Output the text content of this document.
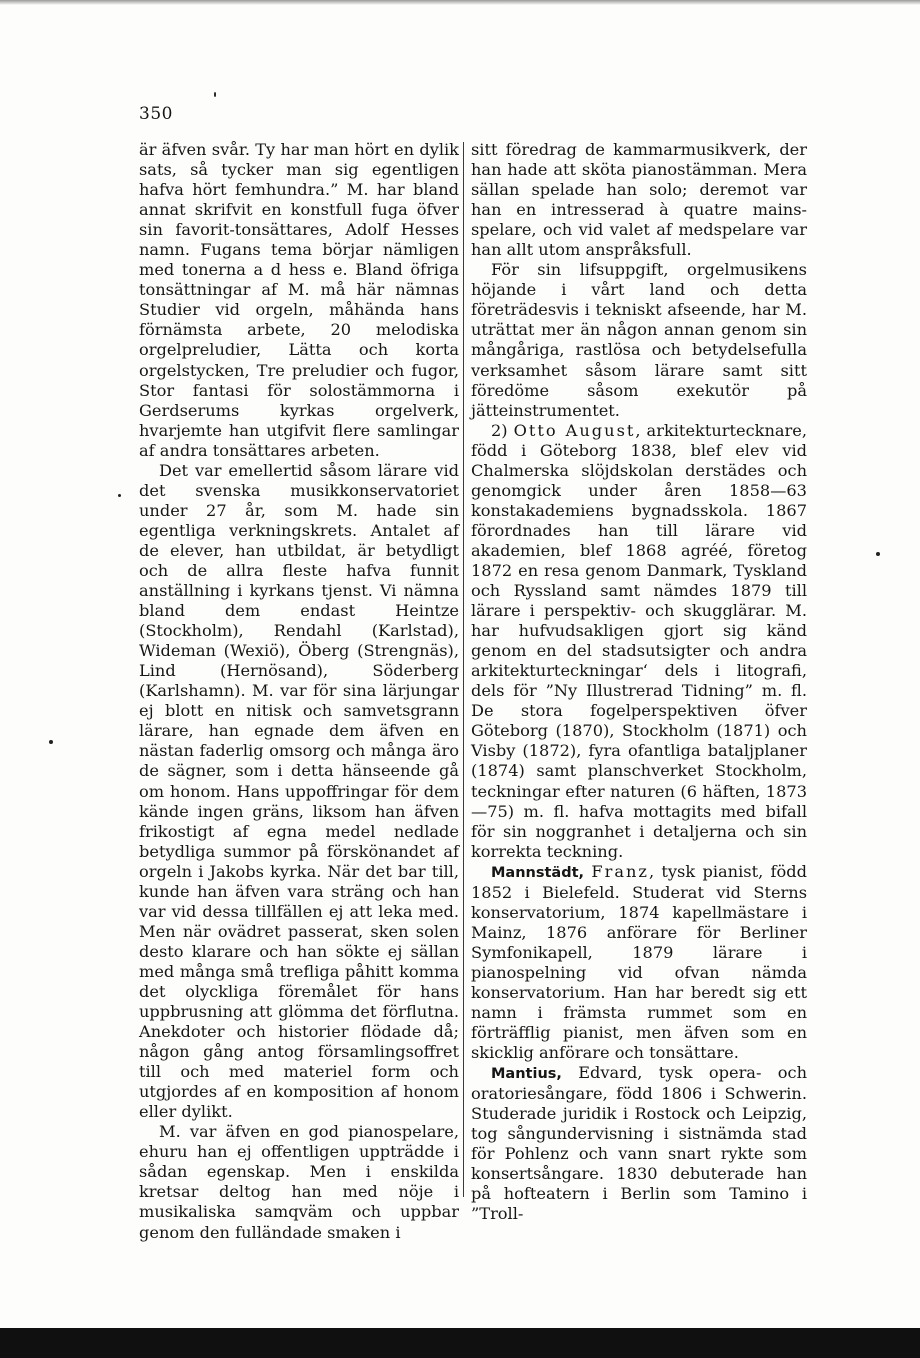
350

är äfven svår. Ty har man hört en dylik sats, så tycker man sig egentligen hafva hört femhundra.” M. har bland annat skrifvit en konstfull fuga öfver sin favorit-tonsättares, Adolf Hesses namn. Fugans tema börjar nämligen med tonerna a d hess e. Bland öfriga tonsättningar af M. må här nämnas Studier vid orgeln, måhända hans förnämsta arbete, 20 melodiska orgelpreludier, Lätta och korta orgelstycken, Tre preludier och fugor, Stor fantasi för solostämmorna i Gerdserums kyrkas orgelverk, hvarjemte han utgifvit flere samlingar af andra tonsättares arbeten.

Det var emellertid såsom lärare vid det svenska musikkonservatoriet under 27 år, som M. hade sin egentliga verkningskrets. Antalet af de elever, han utbildat, är betydligt och de allra fleste hafva funnit anställning i kyrkans tjenst. Vi nämna bland dem endast Heintze (Stockholm), Rendahl (Karlstad), Wideman (Wexiö), Öberg (Strengnäs), Lind (Hernösand), Söderberg (Karlshamn). M. var för sina lärjungar ej blott en nitisk och samvetsgrann lärare, han egnade dem äfven en nästan faderlig omsorg och många äro de sägner, som i detta hänseende gå om honom. Hans uppoffringar för dem kände ingen gräns, liksom han äfven frikostigt af egna medel nedlade betydliga summor på förskönandet af orgeln i Jakobs kyrka. När det bar till, kunde han äfven vara sträng och han var vid dessa tillfällen ej att leka med. Men när ovädret passerat, sken solen desto klarare och han sökte ej sällan med många små trefliga påhitt komma det olyckliga föremålet för hans uppbrusning att glömma det förflutna. Anekdoter och historier flödade då; någon gång antog församlingsoffret till och med materiel form och utgjordes af en komposition af honom eller dylikt.

M. var äfven en god pianospelare, ehuru han ej offentligen uppträdde i sådan egenskap. Men i enskilda kretsar deltog han med nöje i musikaliska samqväm och uppbar genom den fulländade smaken i

sitt föredrag de kammarmusikverk, der han hade att sköta pianostämman. Mera sällan spelade han solo; deremot var han en intresserad à quatre mains-spelare, och vid valet af medspelare var han allt utom anspråksfull.

För sin lifsuppgift, orgelmusikens höjande i vårt land och detta företrädesvis i tekniskt afseende, har M. uträttat mer än någon annan genom sin mångåriga, rastlösa och betydelsefulla verksamhet såsom lärare samt sitt föredöme såsom exekutör på jätteinstrumentet.

2) Otto August, arkitekturtecknare, född i Göteborg 1838, blef elev vid Chalmerska slöjdskolan derstädes och genomgick under åren 1858—63 konstakademiens bygnadsskola. 1867 förordnades han till lärare vid akademien, blef 1868 agréé, företog 1872 en resa genom Danmark, Tyskland och Ryssland samt nämdes 1879 till lärare i perspektiv- och skugglärar. M. har hufvudsakligen gjort sig känd genom en del stadsutsigter och andra arkitekturteckningar‘ dels i litografi, dels för ”Ny Illustrerad Tidning” m. fl. De stora fogelperspektiven öfver Göteborg (1870), Stockholm (1871) och Visby (1872), fyra ofantliga bataljplaner (1874) samt planschverket Stockholm, teckningar efter naturen (6 häften, 1873—75) m. fl. hafva mottagits med bifall för sin noggranhet i detaljerna och sin korrekta teckning.

Mannstädt, Franz, tysk pianist, född 1852 i Bielefeld. Studerat vid Sterns konservatorium, 1874 kapellmästare i Mainz, 1876 anförare för Berliner Symfonikapell, 1879 lärare i pianospelning vid ofvan nämda konservatorium. Han har beredt sig ett namn i främsta rummet som en förträfflig pianist, men äfven som en skicklig anförare och tonsättare.

Mantius, Edvard, tysk opera- och oratoriesångare, född 1806 i Schwerin. Studerade juridik i Rostock och Leipzig, tog sångundervisning i sistnämda stad för Pohlenz och vann snart rykte som konsertsångare. 1830 debuterade han på hofteatern i Berlin som Tamino i ”Troll-
